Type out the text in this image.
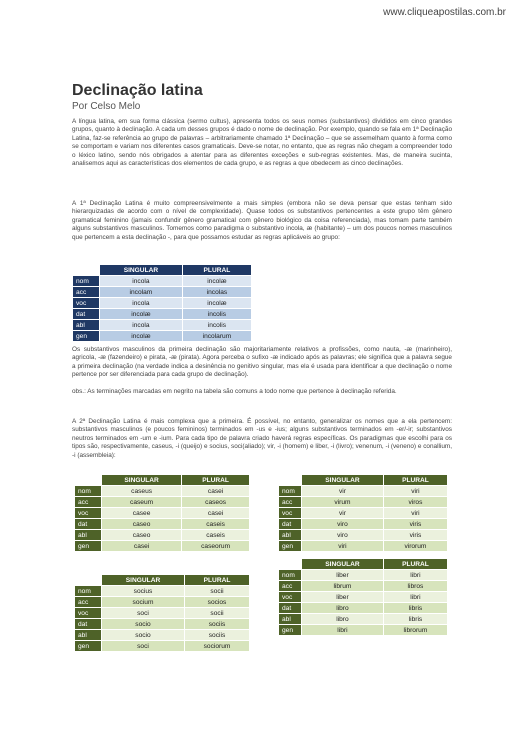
www.cliqueapostilas.com.br
Declinação latina
Por Celso Melo

A língua latina, em sua forma clássica (sermo cultus), apresenta todos os seus nomes (substantivos) divididos em cinco grandes grupos, quanto à declinação. A cada um desses grupos é dado o nome de declinação. Por exemplo, quando se fala em 1ª Declinação Latina, faz-se referência ao grupo de palavras – arbitrariamente chamado 1ª Declinação – que se assemelham quanto à forma como se comportam e variam nos diferentes casos gramaticais. Deve-se notar, no entanto, que as regras não chegam a compreender todo o léxico latino, sendo nós obrigados a atentar para as diferentes exceções e sub-regras existentes. Mas, de maneira sucinta, analisemos aqui as características dos elementos de cada grupo, e as regras a que obedecem as cinco declinações.

A 1ª Declinação Latina é muito compreensivelmente a mais simples (embora não se deva pensar que estas tenham sido hierarquizadas de acordo com o nível de complexidade). Quase todos os substantivos pertencentes a este grupo têm gênero gramatical feminino (jamais confundir gênero gramatical com gênero biológico da coisa referenciada), mas tomam parte também alguns substantivos masculinos. Tomemos como paradigma o substantivo incola, æ (habitante) – um dos poucos nomes masculinos que pertencem a esta declinação -, para que possamos estudar as regras aplicáveis ao grupo:

	SINGULAR	PLURAL
nom	incola	incolæ
acc	incolam	incolas
voc	incola	incolæ
dat	incolæ	incolis
abl	incola	incolis
gen	incolæ	incolarum

Os substantivos masculinos da primeira declinação são majoritariamente relativos a profissões, como nauta, -æ (marinheiro), agricola, -æ (fazendeiro) e pirata, -æ (pirata). Agora perceba o sufixo -æ indicado após as palavras; ele significa que a palavra segue a primeira declinação (na verdade indica a desinência no genitivo singular, mas ela é usada para identificar a que declinação o nome pertence por ser diferenciada para cada grupo de declinação).

obs.: As terminações marcadas em negrito na tabela são comuns a todo nome que pertence à declinação referida.

A 2ª Declinação Latina é mais complexa que a primeira. É possível, no entanto, generalizar os nomes que a ela pertencem: substantivos masculinos (e poucos femininos) terminados em -us e -ius; alguns substantivos terminados em -er/-ir; substantivos neutros terminados em -um e -ium. Para cada tipo de palavra criado haverá regras específicas. Os paradigmas que escolhi para os tipos são, respectivamente, caseus, -i (queijo) e socius, soci(aliado); vir, -i (homem) e liber, -i (livro); venenum, -i (veneno) e conallium, -i (assembleia):

	SINGULAR	PLURAL
nom	caseus	casei
acc	caseum	caseos
voc	casee	casei
dat	caseo	caseis
abl	caseo	caseis
gen	casei	caseorum
	SINGULAR	PLURAL
nom	socius	socii
acc	socium	socios
voc	soci	socii
dat	socio	sociis
abl	socio	sociis
gen	soci	sociorum
	SINGULAR	PLURAL
nom	vir	viri
acc	virum	viros
voc	vir	viri
dat	viro	viris
abl	viro	viris
gen	viri	virorum
	SINGULAR	PLURAL
nom	liber	libri
acc	librum	libros
voc	liber	libri
dat	libro	libris
abl	libro	libris
gen	libri	librorum
